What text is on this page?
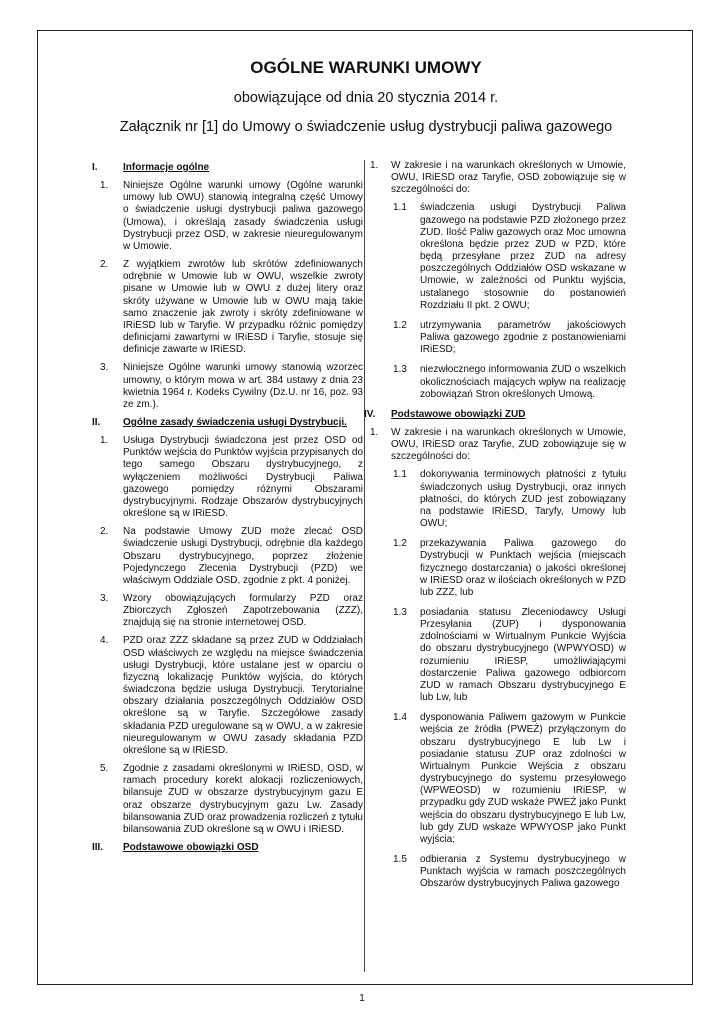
OGÓLNE WARUNKI UMOWY
obowiązujące od dnia 20 stycznia 2014 r.
Załącznik nr [1] do Umowy o świadczenie usług dystrybucji paliwa gazowego
I.	Informacje ogólne
1. Niniejsze Ogólne warunki umowy (Ogólne warunki umowy lub OWU) stanowią integralną część Umowy o świadczenie usługi dystrybucji paliwa gazowego (Umowa), i określają zasady świadczenia usługi Dystrybucji przez OSD, w zakresie nieuregulowanym w Umowie.
2. Z wyjątkiem zwrotów lub skrótów zdefiniowanych odrębnie w Umowie lub w OWU, wszelkie zwroty pisane w Umowie lub w OWU z dużej litery oraz skróty używane w Umowie lub w OWU mają takie samo znaczenie jak zwroty i skróty zdefiniowane w IRiESD lub w Taryfie. W przypadku różnic pomiędzy definicjami zawartymi w IRiESD i Taryfie, stosuje się definicje zawarte w IRiESD.
3. Niniejsze Ogólne warunki umowy stanowią wzorzec umowny, o którym mowa w art. 384 ustawy z dnia 23 kwietnia 1964 r. Kodeks Cywilny (Dz.U. nr 16, poz. 93 ze zm.).
II. Ogólne zasady świadczenia usługi Dystrybucji.
1. Usługa Dystrybucji świadczona jest przez OSD od Punktów wejścia do Punktów wyjścia przypisanych do tego samego Obszaru dystrybucyjnego, z wyłączeniem możliwości Dystrybucji Paliwa gazowego pomiędzy różnymi Obszarami dystrybucyjnymi. Rodzaje Obszarów dystrybucyjnych określone są w IRiESD.
2. Na podstawie Umowy ZUD może zlecać OSD świadczenie usługi Dystrybucji, odrębnie dla każdego Obszaru dystrybucyjnego, poprzez złożenie Pojedynczego Zlecenia Dystrybucji (PZD) we właściwym Oddziale OSD, zgodnie z pkt. 4 poniżej.
3. Wzory obowiązujących formularzy PZD oraz Zbiorczych Zgłoszeń Zapotrzebowania (ZZZ), znajdują się na stronie internetowej OSD.
4. PZD oraz ZZZ składane są przez ZUD w Oddziałach OSD właściwych ze względu na miejsce świadczenia usługi Dystrybucji, które ustalane jest w oparciu o fizyczną lokalizację Punktów wyjścia, do których świadczona będzie usługa Dystrybucji. Terytorialne obszary działania poszczególnych Oddziałów OSD określone są w Taryfie. Szczegółowe zasady składania PZD uregulowane są w OWU, a w zakresie nieuregulowanym w OWU zasady składania PZD określone są w IRiESD.
5. Zgodnie z zasadami określonymi w IRiESD, OSD, w ramach procedury korekt alokacji rozliczeniowych, bilansuje ZUD w obszarze dystrybucyjnym gazu E oraz obszarze dystrybucyjnym gazu Lw. Zasady bilansowania ZUD oraz prowadzenia rozliczeń z tytułu bilansowania ZUD określone są w OWU i IRiESD.
III. Podstawowe obowiązki OSD
1. W zakresie i na warunkach określonych w Umowie, OWU, IRiESD oraz Taryfie, OSD zobowiązuje się w szczególności do:
1.1 świadczenia usługi Dystrybucji Paliwa gazowego na podstawie PZD złożonego przez ZUD. Ilość Paliw gazowych oraz Moc umowna określona będzie przez ZUD w PZD, które będą przesyłane przez ZUD na adresy poszczególnych Oddziałów OSD wskazane w Umowie, w zależności od Punktu wyjścia, ustalanego stosownie do postanowień Rozdziału II pkt. 2 OWU;
1.2 utrzymywania parametrów jakościowych Paliwa gazowego zgodnie z postanowieniami IRiESD;
1.3 niezwłocznego informowania ZUD o wszelkich okolicznościach mających wpływ na realizację zobowiązań Stron określonych Umową.
IV. Podstawowe obowiązki ZUD
1. W zakresie i na warunkach określonych w Umowie, OWU, IRiESD oraz Taryfie, ZUD zobowiązuje się w szczególności do:
1.1 dokonywania terminowych płatności z tytułu świadczonych usług Dystrybucji, oraz innych płatności, do których ZUD jest zobowiązany na podstawie IRiESD, Taryfy, Umowy lub OWU;
1.2 przekazywania Paliwa gazowego do Dystrybucji w Punktach wejścia (miejscach fizycznego dostarczania) o jakości określonej w IRiESD oraz w ilościach określonych w PZD lub ZZZ, lub
1.3 posiadania statusu Zleceniodawcy Usługi Przesyłania (ZUP) i dysponowania zdolnościami w Wirtualnym Punkcie Wyjścia do obszaru dystrybucyjnego (WPWYOSD) w rozumieniu IRiESP, umożliwiającymi dostarczenie Paliwa gazowego odbiorcom ZUD w ramach Obszaru dystrybucyjnego E lub Lw, lub
1.4 dysponowania Paliwem gazowym w Punkcie wejścia ze źródła (PWEŹ) przyłączonym do obszaru dystrybucyjnego E lub Lw i posiadanie statusu ZUP oraz zdolności w Wirtualnym Punkcie Wejścia z obszaru dystrybucyjnego do systemu przesyłowego (WPWEOSD) w rozumieniu IRiESP, w przypadku gdy ZUD wskaże PWEŹ jako Punkt wejścia do obszaru dystrybucyjnego E lub Lw, lub gdy ZUD wskaże WPWYOSP jako Punkt wyjścia;
1.5 odbierania z Systemu dystrybucyjnego w Punktach wyjścia w ramach poszczególnych Obszarów dystrybucyjnych Paliwa gazowego
1
